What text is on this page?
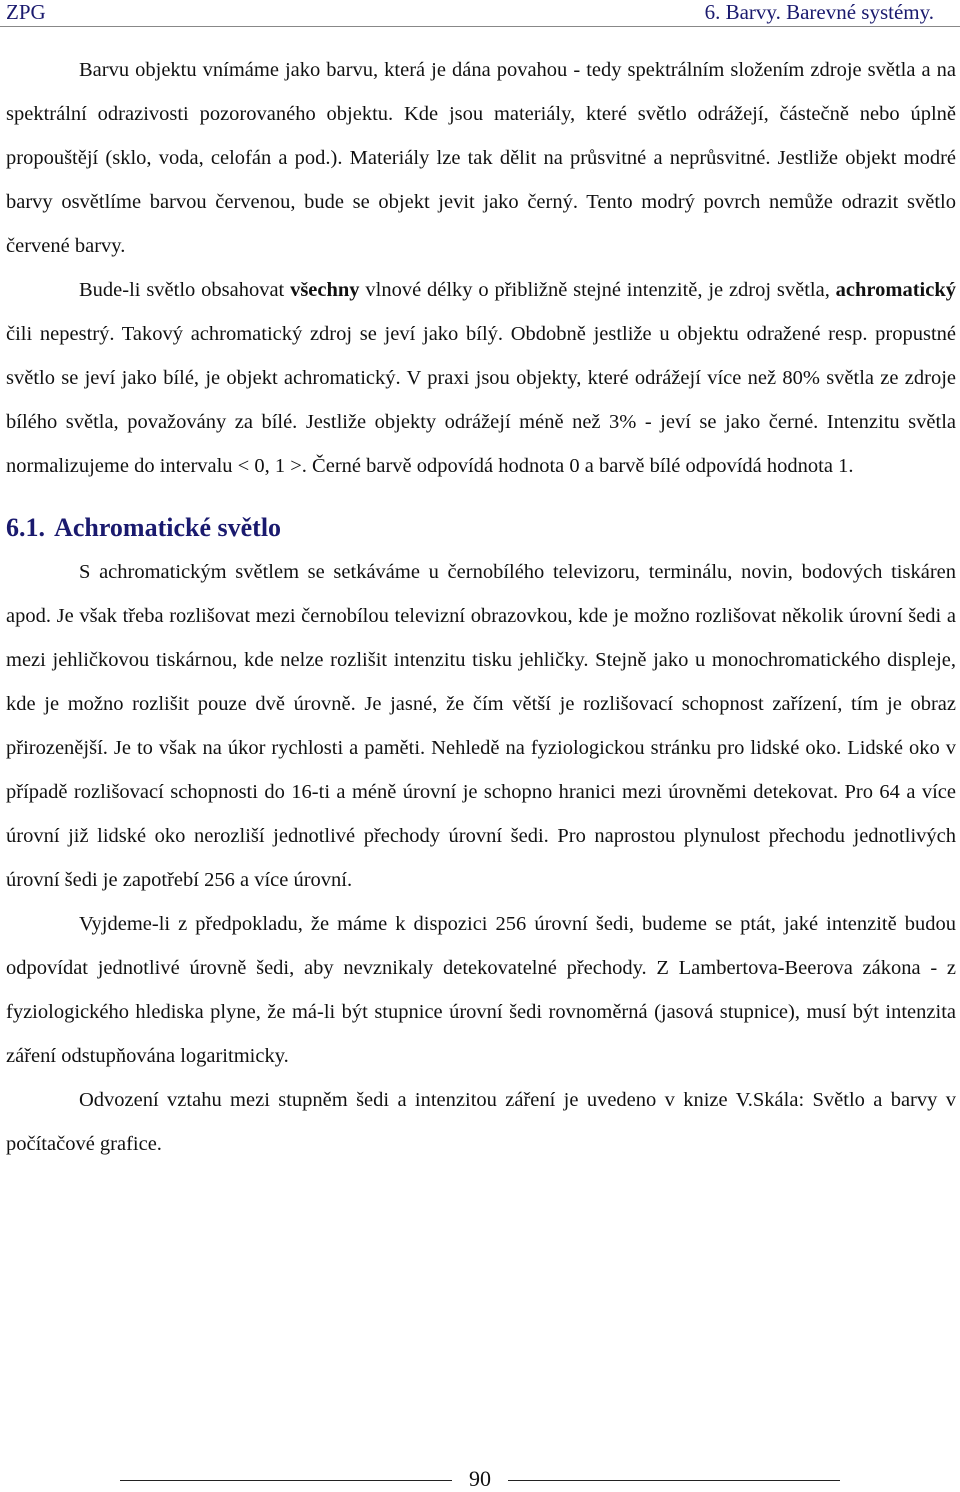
ZPG	6. Barvy. Barevné systémy.

Barvu objektu vnímáme jako barvu, která je dána povahou - tedy spektrálním složením zdroje světla a na spektrální odrazivosti pozorovaného objektu. Kde jsou materiály, které světlo odrážejí, částečně nebo úplně propouštějí (sklo, voda, celofán a pod.). Materiály lze tak dělit na průsvitné a neprůsvitné. Jestliže objekt modré barvy osvětlíme barvou červenou, bude se objekt jevit jako černý. Tento modrý povrch nemůže odrazit světlo červené barvy.

Bude-li světlo obsahovat všechny vlnové délky o přibližně stejné intenzitě, je zdroj světla, achromatický čili nepestrý. Takový achromatický zdroj se jeví jako bílý. Obdobně jestliže u objektu odražené resp. propustné světlo se jeví jako bílé, je objekt achromatický. V praxi jsou objekty, které odrážejí více než 80% světla ze zdroje bílého světla, považovány za bílé. Jestliže objekty odrážejí méně než 3% - jeví se jako černé. Intenzitu světla normalizujeme do intervalu < 0, 1 >. Černé barvě odpovídá hodnota 0 a barvě bílé odpovídá hodnota 1.

6.1. Achromatické světlo

S achromatickým světlem se setkáváme u černobílého televizoru, terminálu, novin, bodových tiskáren apod. Je však třeba rozlišovat mezi černobílou televizní obrazovkou, kde je možno rozlišovat několik úrovní šedi a mezi jehličkovou tiskárnou, kde nelze rozlišit intenzitu tisku jehličky. Stejně jako u monochromatického displeje, kde je možno rozlišit pouze dvě úrovně. Je jasné, že čím větší je rozlišovací schopnost zařízení, tím je obraz přirozenější. Je to však na úkor rychlosti a paměti. Nehledě na fyziologickou stránku pro lidské oko. Lidské oko v případě rozlišovací schopnosti do 16-ti a méně úrovní je schopno hranici mezi úrovněmi detekovat. Pro 64 a více úrovní již lidské oko nerozliší jednotlivé přechody úrovní šedi. Pro naprostou plynulost přechodu jednotlivých úrovní šedi je zapotřebí 256 a více úrovní.

Vyjdeme-li z předpokladu, že máme k dispozici 256 úrovní šedi, budeme se ptát, jaké intenzitě budou odpovídat jednotlivé úrovně šedi, aby nevznikaly detekovatelné přechody. Z Lambertova-Beerova zákona - z fyziologického hlediska plyne, že má-li být stupnice úrovní šedi rovnoměrná (jasová stupnice), musí být intenzita záření odstupňována logaritmicky.

Odvození vztahu mezi stupněm šedi a intenzitou záření je uvedeno v knize V.Skála: Světlo a barvy v počítačové grafice.

90
